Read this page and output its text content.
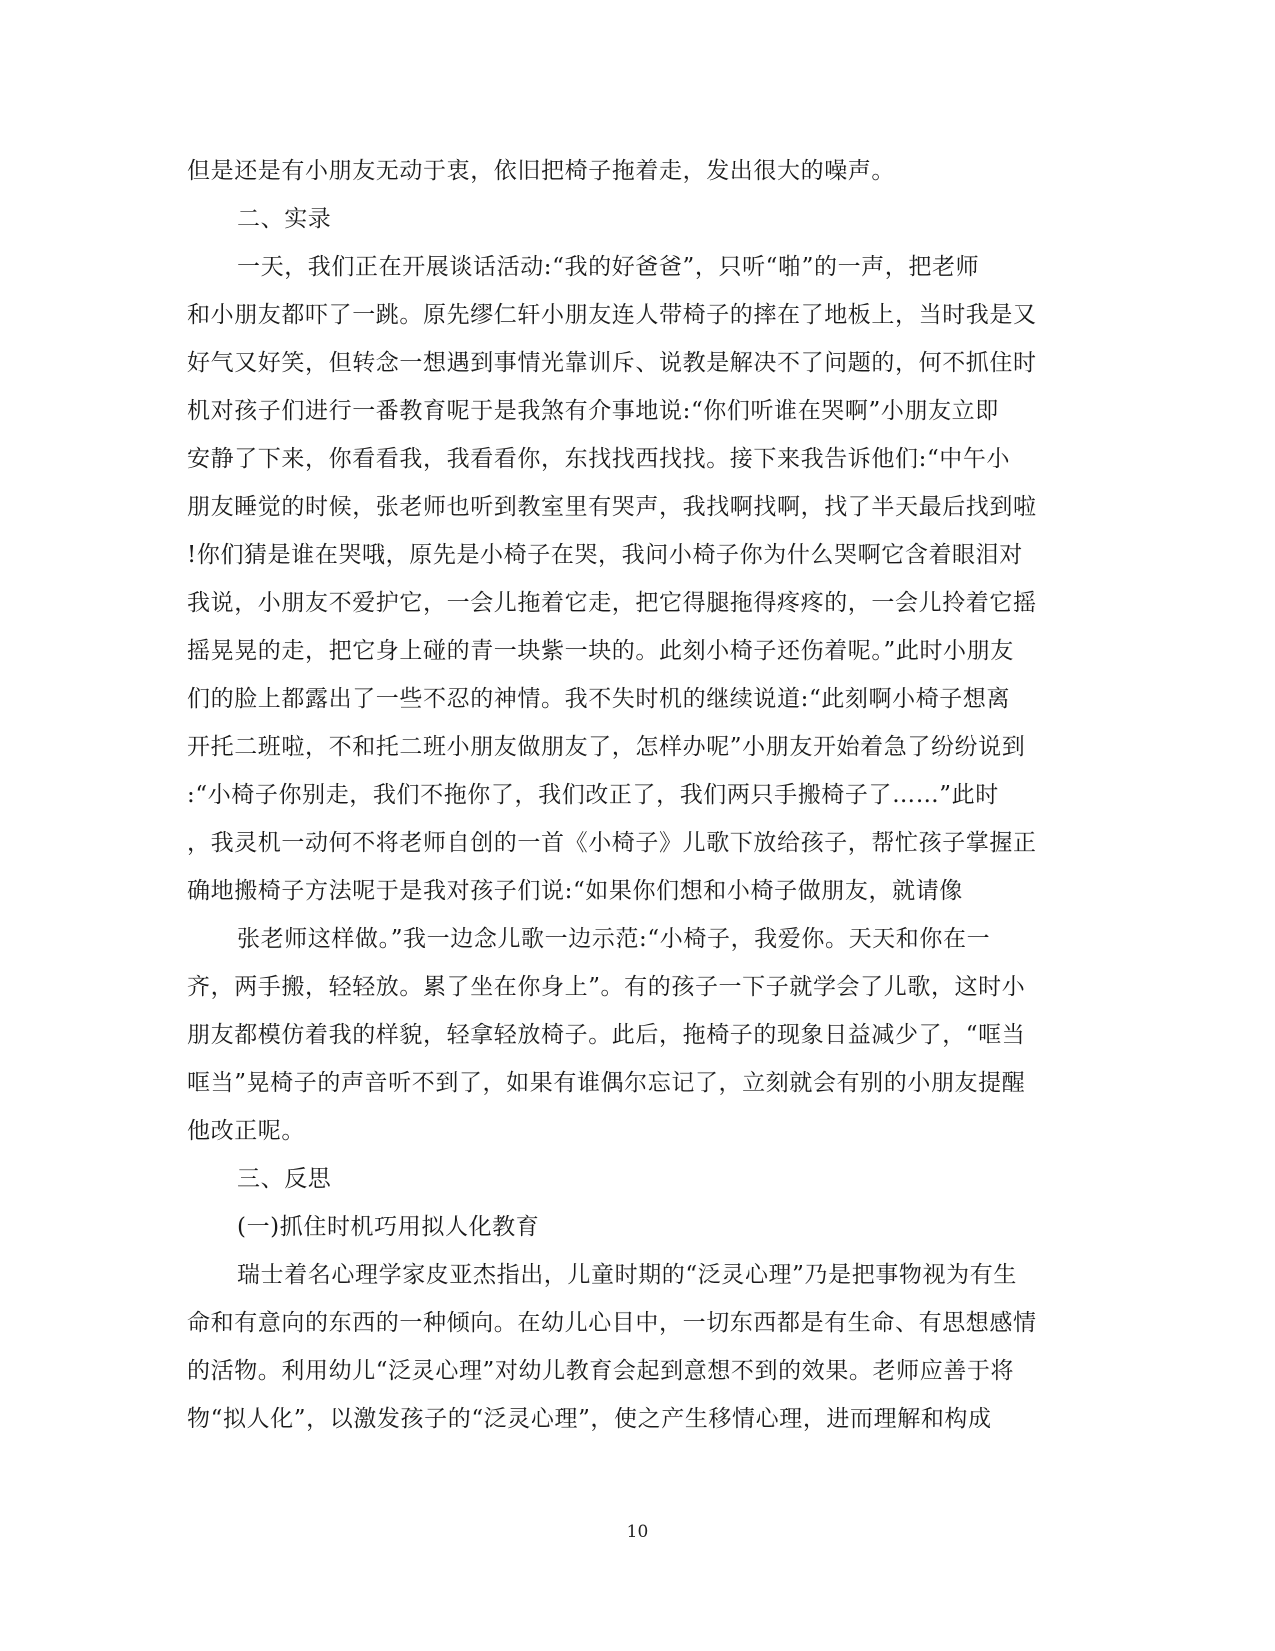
但是还是有小朋友无动于衷，依旧把椅子拖着走，发出很大的噪声。
二、实录
一天，我们正在开展谈话活动:“我的好爸爸”，只听“啪”的一声，把老师
和小朋友都吓了一跳。原先缪仁轩小朋友连人带椅子的摔在了地板上，当时我是又
好气又好笑，但转念一想遇到事情光靠训斥、说教是解决不了问题的，何不抓住时
机对孩子们进行一番教育呢于是我煞有介事地说:“你们听谁在哭啊”小朋友立即
安静了下来，你看看我，我看看你，东找找西找找。接下来我告诉他们:“中午小
朋友睡觉的时候，张老师也听到教室里有哭声，我找啊找啊，找了半天最后找到啦
!你们猜是谁在哭哦，原先是小椅子在哭，我问小椅子你为什么哭啊它含着眼泪对
我说，小朋友不爱护它，一会儿拖着它走，把它得腿拖得疼疼的，一会儿拎着它摇
摇晃晃的走，把它身上碰的青一块紫一块的。此刻小椅子还伤着呢。”此时小朋友
们的脸上都露出了一些不忍的神情。我不失时机的继续说道:“此刻啊小椅子想离
开托二班啦，不和托二班小朋友做朋友了，怎样办呢”小朋友开始着急了纷纷说到
:“小椅子你别走，我们不拖你了，我们改正了，我们两只手搬椅子了……”此时
，我灵机一动何不将老师自创的一首《小椅子》儿歌下放给孩子，帮忙孩子掌握正
确地搬椅子方法呢于是我对孩子们说:“如果你们想和小椅子做朋友，就请像
张老师这样做。”我一边念儿歌一边示范:“小椅子，我爱你。天天和你在一
齐，两手搬，轻轻放。累了坐在你身上”。有的孩子一下子就学会了儿歌，这时小
朋友都模仿着我的样貌，轻拿轻放椅子。此后，拖椅子的现象日益减少了，“哐当
哐当”晃椅子的声音听不到了，如果有谁偶尔忘记了，立刻就会有别的小朋友提醒
他改正呢。
三、反思
(一)抓住时机巧用拟人化教育
瑞士着名心理学家皮亚杰指出，儿童时期的“泛灵心理”乃是把事物视为有生
命和有意向的东西的一种倾向。在幼儿心目中，一切东西都是有生命、有思想感情
的活物。利用幼儿“泛灵心理”对幼儿教育会起到意想不到的效果。老师应善于将
物“拟人化”，以激发孩子的“泛灵心理”，使之产生移情心理，进而理解和构成
10
